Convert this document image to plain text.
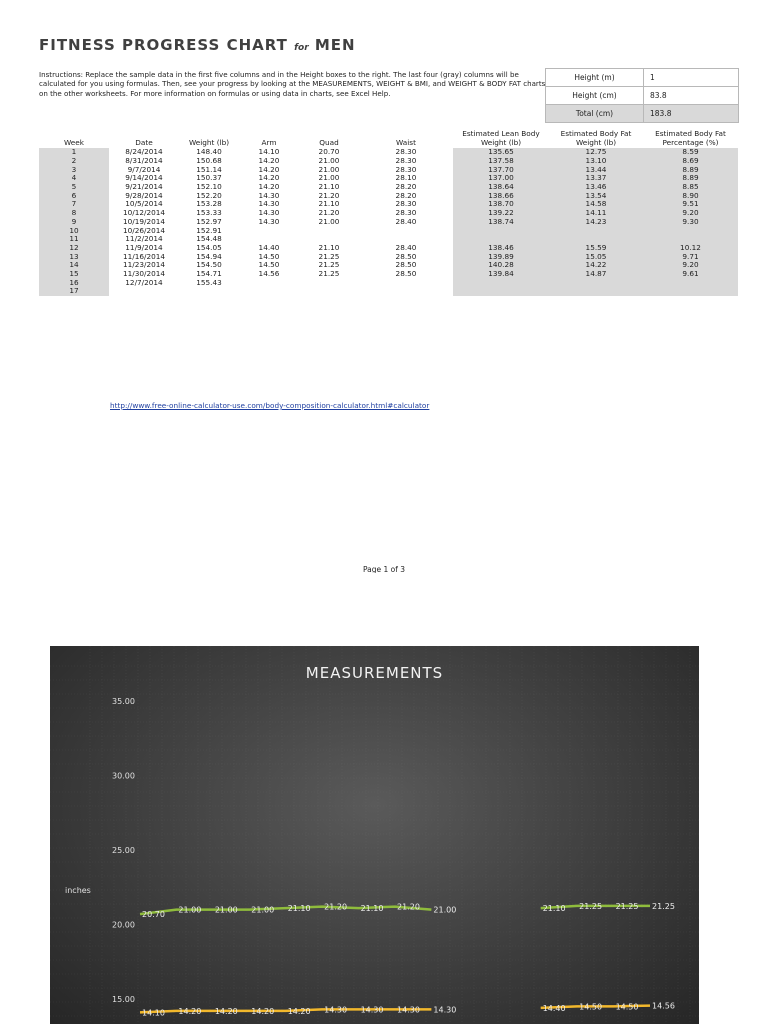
FITNESS PROGRESS CHART for MEN
Instructions: Replace the sample data in the first five columns and in the Height boxes to the right. The last four (gray) columns will be calculated for you using formulas. Then, see your progress by looking at the MEASUREMENTS, WEIGHT & BMI, and WEIGHT & BODY FAT charts on the other worksheets. For more information on formulas or using data in charts, see Excel Help.
Height (m)	1
Height (cm)	83.8
Total (cm)	183.8
Week	Date	Weight (lb)	Arm	Quad	Waist	Estimated Lean Body Weight (lb)	Estimated Body Fat Weight (lb)	Estimated Body Fat Percentage (%)
1	8/24/2014	148.40	14.10	20.70	28.30	135.65	12.75	8.59
2	8/31/2014	150.68	14.20	21.00	28.30	137.58	13.10	8.69
3	9/7/2014	151.14	14.20	21.00	28.30	137.70	13.44	8.89
4	9/14/2014	150.37	14.20	21.00	28.10	137.00	13.37	8.89
5	9/21/2014	152.10	14.20	21.10	28.20	138.64	13.46	8.85
6	9/28/2014	152.20	14.30	21.20	28.20	138.66	13.54	8.90
7	10/5/2014	153.28	14.30	21.10	28.30	138.70	14.58	9.51
8	10/12/2014	153.33	14.30	21.20	28.30	139.22	14.11	9.20
9	10/19/2014	152.97	14.30	21.00	28.40	138.74	14.23	9.30
10	10/26/2014	152.91						
11	11/2/2014	154.48						
12	11/9/2014	154.05	14.40	21.10	28.40	138.46	15.59	10.12
13	11/16/2014	154.94	14.50	21.25	28.50	139.89	15.05	9.71
14	11/23/2014	154.50	14.50	21.25	28.50	140.28	14.22	9.20
15	11/30/2014	154.71	14.56	21.25	28.50	139.84	14.87	9.61
16	12/7/2014	155.43						
17								
http://www.free-online-calculator-use.com/body-composition-calculator.html#calculator
Page 1 of 3
MEASUREMENTS
35.00
30.00
25.00
20.00
15.00
inches
20.70 21.00 21.00 21.00 21.10 21.20 21.10 21.20 21.00	21.10 21.25 21.25 21.25
14.10 14.20 14.20 14.20 14.20 14.30 14.30 14.30 14.30	14.40 14.50 14.50 14.56
